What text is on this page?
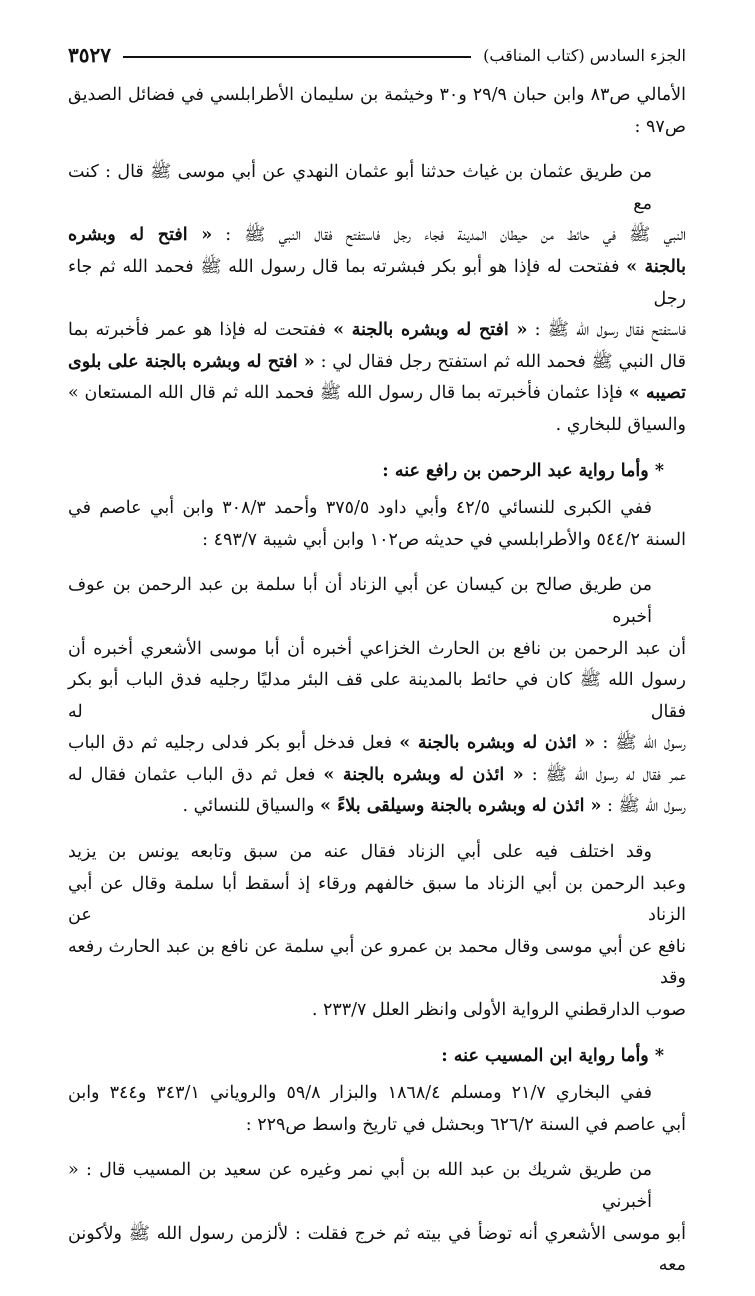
الجزء السادس (كتاب المناقب)
٣٥٢٧
الأمالي ص٨٣ وابن حبان ٢٩/٩ و٣٠ وخيثمة بن سليمان الأطرابلسي في فضائل الصديق
ص٩٧ :
من طريق عثمان بن غياث حدثنا أبو عثمان النهدي عن أبي موسى ﷺ قال : كنت مع
النبي ﷺ في حائط من حيطان المدينة فجاء رجل فاستفتح فقال النبي ﷺ : « افتح له وبشره
بالجنة » ففتحت له فإذا هو أبو بكر فبشرته بما قال رسول الله ﷺ فحمد الله ثم جاء رجل
فاستفتح فقال رسول الله ﷺ : « افتح له وبشره بالجنة » ففتحت له فإذا هو عمر فأخبرته بما
قال النبي ﷺ فحمد الله ثم استفتح رجل فقال لي : « افتح له وبشره بالجنة على بلوى
تصيبه » فإذا عثمان فأخبرته بما قال رسول الله ﷺ فحمد الله ثم قال الله المستعان »
والسياق للبخاري .
* وأما رواية عبد الرحمن بن رافع عنه :
ففي الكبرى للنسائي ٤٢/٥ وأبي داود ٣٧٥/٥ وأحمد ٣٠٨/٣ وابن أبي عاصم في
السنة ٥٤٤/٢ والأطرابلسي في حديثه ص١٠٢ وابن أبي شيبة ٤٩٣/٧ :
من طريق صالح بن كيسان عن أبي الزناد أن أبا سلمة بن عبد الرحمن بن عوف أخبره
أن عبد الرحمن بن نافع بن الحارث الخزاعي أخبره أن أبا موسى الأشعري أخبره أن
رسول الله ﷺ كان في حائط بالمدينة على قف البئر مدليًا رجليه فدق الباب أبو بكر فقال له
رسول الله ﷺ : « ائذن له وبشره بالجنة » فعل فدخل أبو بكر فدلى رجليه ثم دق الباب
عمر فقال له رسول الله ﷺ : « ائذن له وبشره بالجنة » فعل ثم دق الباب عثمان فقال له
رسول الله ﷺ : « ائذن له وبشره بالجنة وسيلقى بلاءً » والسياق للنسائي .
وقد اختلف فيه على أبي الزناد فقال عنه من سبق وتابعه يونس بن يزيد
وعبد الرحمن بن أبي الزناد ما سبق خالفهم ورقاء إذ أسقط أبا سلمة وقال عن أبي الزناد عن
نافع عن أبي موسى وقال محمد بن عمرو عن أبي سلمة عن نافع بن عبد الحارث رفعه وقد
صوب الدارقطني الرواية الأولى وانظر العلل ٢٣٣/٧ .
* وأما رواية ابن المسيب عنه :
ففي البخاري ٢١/٧ ومسلم ١٨٦٨/٤ والبزار ٥٩/٨ والروياني ٣٤٣/١ و٣٤٤ وابن
أبي عاصم في السنة ٦٢٦/٢ وبحشل في تاريخ واسط ص٢٢٩ :
من طريق شريك بن عبد الله بن أبي نمر وغيره عن سعيد بن المسيب قال : « أخبرني
أبو موسى الأشعري أنه توضأ في بيته ثم خرج فقلت : لألزمن رسول الله ﷺ ولأكونن معه
